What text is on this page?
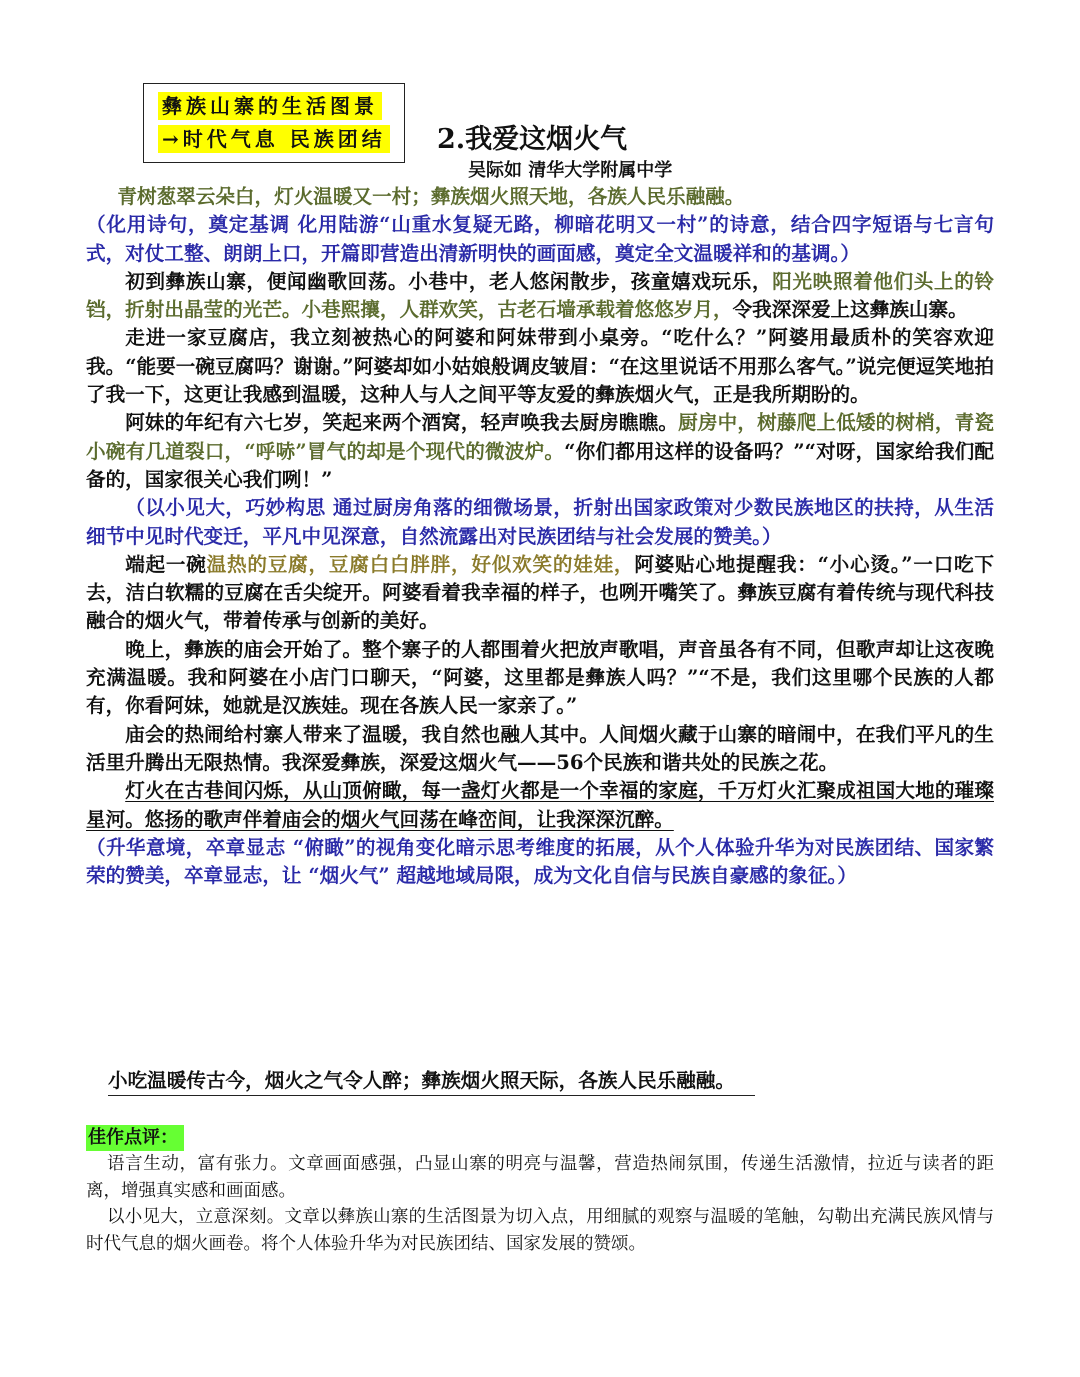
彝族山寨的生活图景
→时代气息 民族团结 2.我爱这烟火气
吴际如 清华大学附属中学

青树葱翠云朵白，灯火温暖又一村；彝族烟火照天地，各族人民乐融融。

（化用诗句，奠定基调 化用陆游“山重水复疑无路，柳暗花明又一村”的诗意，结合四字短语与七言句式，对仗工整、朗朗上口，开篇即营造出清新明快的画面感，奠定全文温暖祥和的基调。）

初到彝族山寨，便闻幽歌回荡。小巷中，老人悠闲散步，孩童嬉戏玩乐，阳光映照着他们头上的铃铛，折射出晶莹的光芒。小巷熙攘，人群欢笑，古老石墙承载着悠悠岁月，令我深深爱上这彝族山寨。

走进一家豆腐店，我立刻被热心的阿婆和阿妹带到小桌旁。“吃什么？”阿婆用最质朴的笑容欢迎我。“能要一碗豆腐吗？谢谢。”阿婆却如小姑娘般调皮皱眉：“在这里说话不用那么客气。”说完便逗笑地拍了我一下，这更让我感到温暖，这种人与人之间平等友爱的彝族烟火气，正是我所期盼的。

阿妹的年纪有六七岁，笑起来两个酒窝，轻声唤我去厨房瞧瞧。厨房中，树藤爬上低矮的树梢，青瓷小碗有几道裂口，“呼哧”冒气的却是个现代的微波炉。“你们都用这样的设备吗？”“对呀，国家给我们配备的，国家很关心我们咧！”

（以小见大，巧妙构思 通过厨房角落的细微场景，折射出国家政策对少数民族地区的扶持，从生活细节中见时代变迁，平凡中见深意，自然流露出对民族团结与社会发展的赞美。）

端起一碗温热的豆腐，豆腐白白胖胖，好似欢笑的娃娃，阿婆贴心地提醒我：“小心烫。”一口吃下去，洁白软糯的豆腐在舌尖绽开。阿婆看着我幸福的样子，也咧开嘴笑了。彝族豆腐有着传统与现代科技融合的烟火气，带着传承与创新的美好。

晚上，彝族的庙会开始了。整个寨子的人都围着火把放声歌唱，声音虽各有不同，但歌声却让这夜晚充满温暖。我和阿婆在小店门口聊天，“阿婆，这里都是彝族人吗？”“不是，我们这里哪个民族的人都有，你看阿妹，她就是汉族娃。现在各族人民一家亲了。”

庙会的热闹给村寨人带来了温暖，我自然也融人其中。人间烟火藏于山寨的暗闹中，在我们平凡的生活里升腾出无限热情。我深爱彝族，深爱这烟火气——56个民族和谐共处的民族之花。

灯火在古巷间闪烁，从山顶俯瞰，每一盏灯火都是一个幸福的家庭，千万灯火汇聚成祖国大地的璀璨星河。悠扬的歌声伴着庙会的烟火气回荡在峰峦间，让我深深沉醉。

（升华意境，卒章显志 “俯瞰”的视角变化暗示思考维度的拓展，从个人体验升华为对民族团结、国家繁荣的赞美，卒章显志，让 “烟火气” 超越地域局限，成为文化自信与民族自豪感的象征。）

小吃温暖传古今，烟火之气令人醉；彝族烟火照天际，各族人民乐融融。
佳作点评：

语言生动，富有张力。文章画面感强，凸显山寨的明亮与温馨，营造热闹氛围，传递生活激情，拉近与读者的距离，增强真实感和画面感。

以小见大，立意深刻。文章以彝族山寨的生活图景为切入点，用细腻的观察与温暖的笔触，勾勒出充满民族风情与时代气息的烟火画卷。将个人体验升华为对民族团结、国家发展的赞颂。
